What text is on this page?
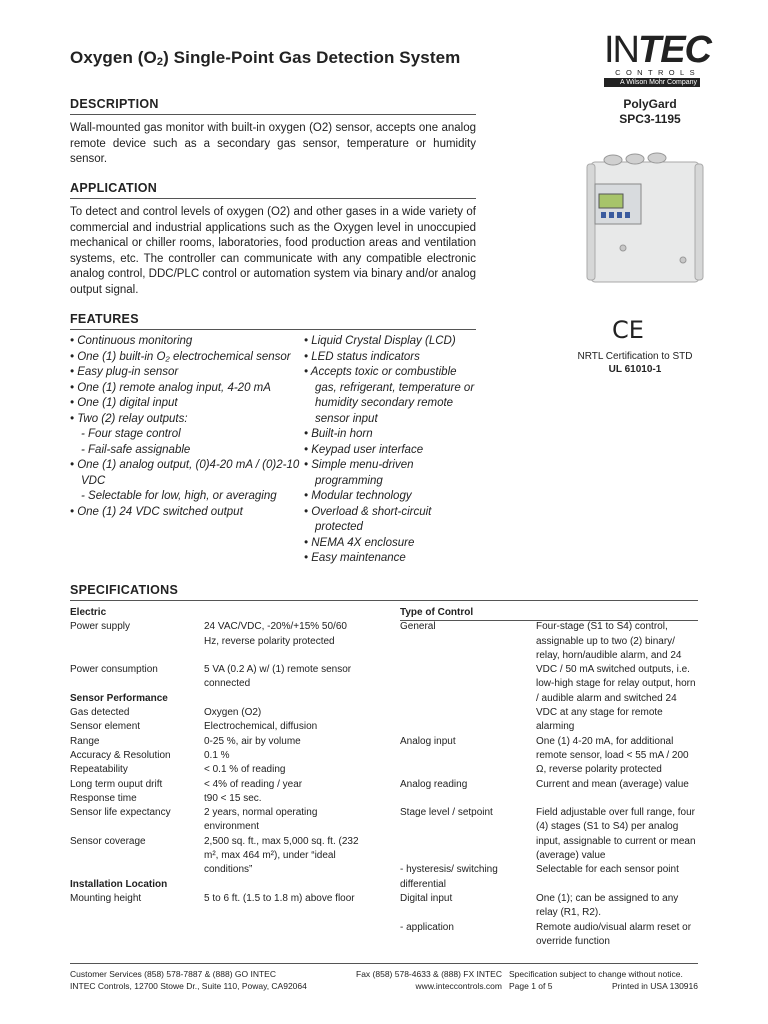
Oxygen $(O_2)$ Single-Point Gas Detection System	INTEC
CONTROLS
A Wilson Mohr Company
PolyGard
SPC3-1195
CE
NRTL Certification to STD
UL 61010-1
DESCRIPTION
Wall-mounted gas monitor with built-in oxygen (O2) sensor, accepts one analog remote device such as a secondary gas sensor, temperature or humidity sensor.
APPLICATION
To detect and control levels of oxygen (O2) and other gases in a wide variety of commercial and industrial applications such as the Oxygen level in unoccupied mechanical or chiller rooms, laboratories, food production areas and ventilation systems, etc. The controller can communicate with any compatible electronic analog control, DDC/PLC control or automation system via binary and/or analog output signal.
FEATURES
• Continuous monitoring
• One (1) built-in O₂ electrochemical sensor
• Easy plug-in sensor
• One (1) remote analog input, 4-20 mA
• One (1) digital input
• Two (2) relay outputs:
- Four stage control
- Fail-safe assignable
• One (1) analog output, (0)4-20 mA / (0)2-10 VDC
- Selectable for low, high, or averaging
• One (1) 24 VDC switched output
• Liquid Crystal Display (LCD)
• LED status indicators
• Accepts toxic or combustible gas, refrigerant, temperature or humidity secondary remote sensor input
• Built-in horn
• Keypad user interface
• Simple menu-driven programming
• Modular technology
• Overload & short-circuit protected
• NEMA 4X enclosure
• Easy maintenance
SPECIFICATIONS
Electric
Power supply
Power consumption
Sensor Performance
Gas detected
Sensor element
Range
Accuracy & Resolution
Repeatability
Long term ouput drift
Response time
Sensor life expectancy
Sensor coverage
Installation Location
Mounting height
24 VAC/VDC, -20%/+15% 50/60 Hz, reverse polarity protected
5 VA (0.2 A) w/ (1) remote sensor connected
Oxygen (O2)
Electrochemical, diffusion
0-25 %, air by volume
0.1 %
< 0.1 % of reading
< 4% of reading / year
t90 < 15 sec.
2 years, normal operating environment
2,500 sq. ft., max 5,000 sq. ft. (232 m², max 464 m²), under “ideal conditions”
5 to 6 ft. (1.5 to 1.8 m) above floor
Type of Control
General
Analog input
Analog reading
Stage level / setpoint
- hysteresis/ switching differential
Digital input
- application
Four-stage (S1 to S4) control, assignable up to two (2) binary/ relay, horn/audible alarm, and 24 VDC / 50 mA switched outputs, i.e. low-high stage for relay output, horn / audible alarm and switched 24 VDC at any stage for remote alarming
One (1) 4-20 mA, for additional remote sensor, load < 55 mA / 200 Ω, reverse polarity protected
Current and mean (average) value
Field adjustable over full range, four (4) stages (S1 to S4) per analog input, assignable to current or mean (average) value
Selectable for each sensor point
One (1); can be assigned to any relay (R1, R2).
Remote audio/visual alarm reset or override function
Customer Services (858) 578-7887 & (888) GO INTEC
INTEC Controls, 12700 Stowe Dr., Suite 110, Poway, CA92064
Fax (858) 578-4633 & (888) FX INTEC
www.inteccontrols.com
Specification subject to change without notice.
Page 1 of 5	Printed in USA 130916
